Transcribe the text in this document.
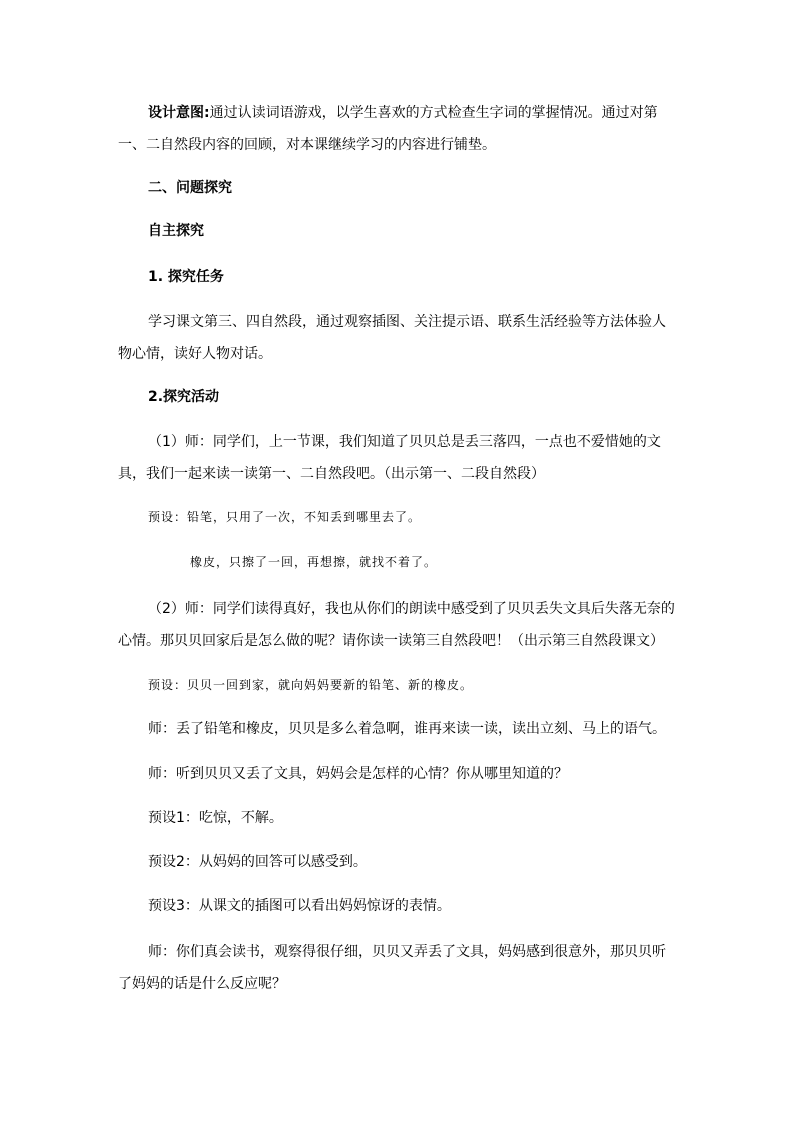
设计意图:通过认读词语游戏，以学生喜欢的方式检查生字词的掌握情况。通过对第
一、二自然段内容的回顾，对本课继续学习的内容进行铺垫。
二、问题探究
自主探究
1. 探究任务
学习课文第三、四自然段，通过观察插图、关注提示语、联系生活经验等方法体验人
物心情，读好人物对话。
2.探究活动
（1）师：同学们，上一节课，我们知道了贝贝总是丢三落四，一点也不爱惜她的文
具，我们一起来读一读第一、二自然段吧。（出示第一、二段自然段）
预设：铅笔，只用了一次，不知丢到哪里去了。
橡皮，只擦了一回，再想擦，就找不着了。
（2）师：同学们读得真好，我也从你们的朗读中感受到了贝贝丢失文具后失落无奈的
心情。那贝贝回家后是怎么做的呢？请你读一读第三自然段吧！（出示第三自然段课文）
预设：贝贝一回到家，就向妈妈要新的铅笔、新的橡皮。
师：丢了铅笔和橡皮，贝贝是多么着急啊，谁再来读一读，读出立刻、马上的语气。
师：听到贝贝又丢了文具，妈妈会是怎样的心情？你从哪里知道的？
预设1：吃惊，不解。
预设2：从妈妈的回答可以感受到。
预设3：从课文的插图可以看出妈妈惊讶的表情。
师：你们真会读书，观察得很仔细，贝贝又弄丢了文具，妈妈感到很意外，那贝贝听
了妈妈的话是什么反应呢？
